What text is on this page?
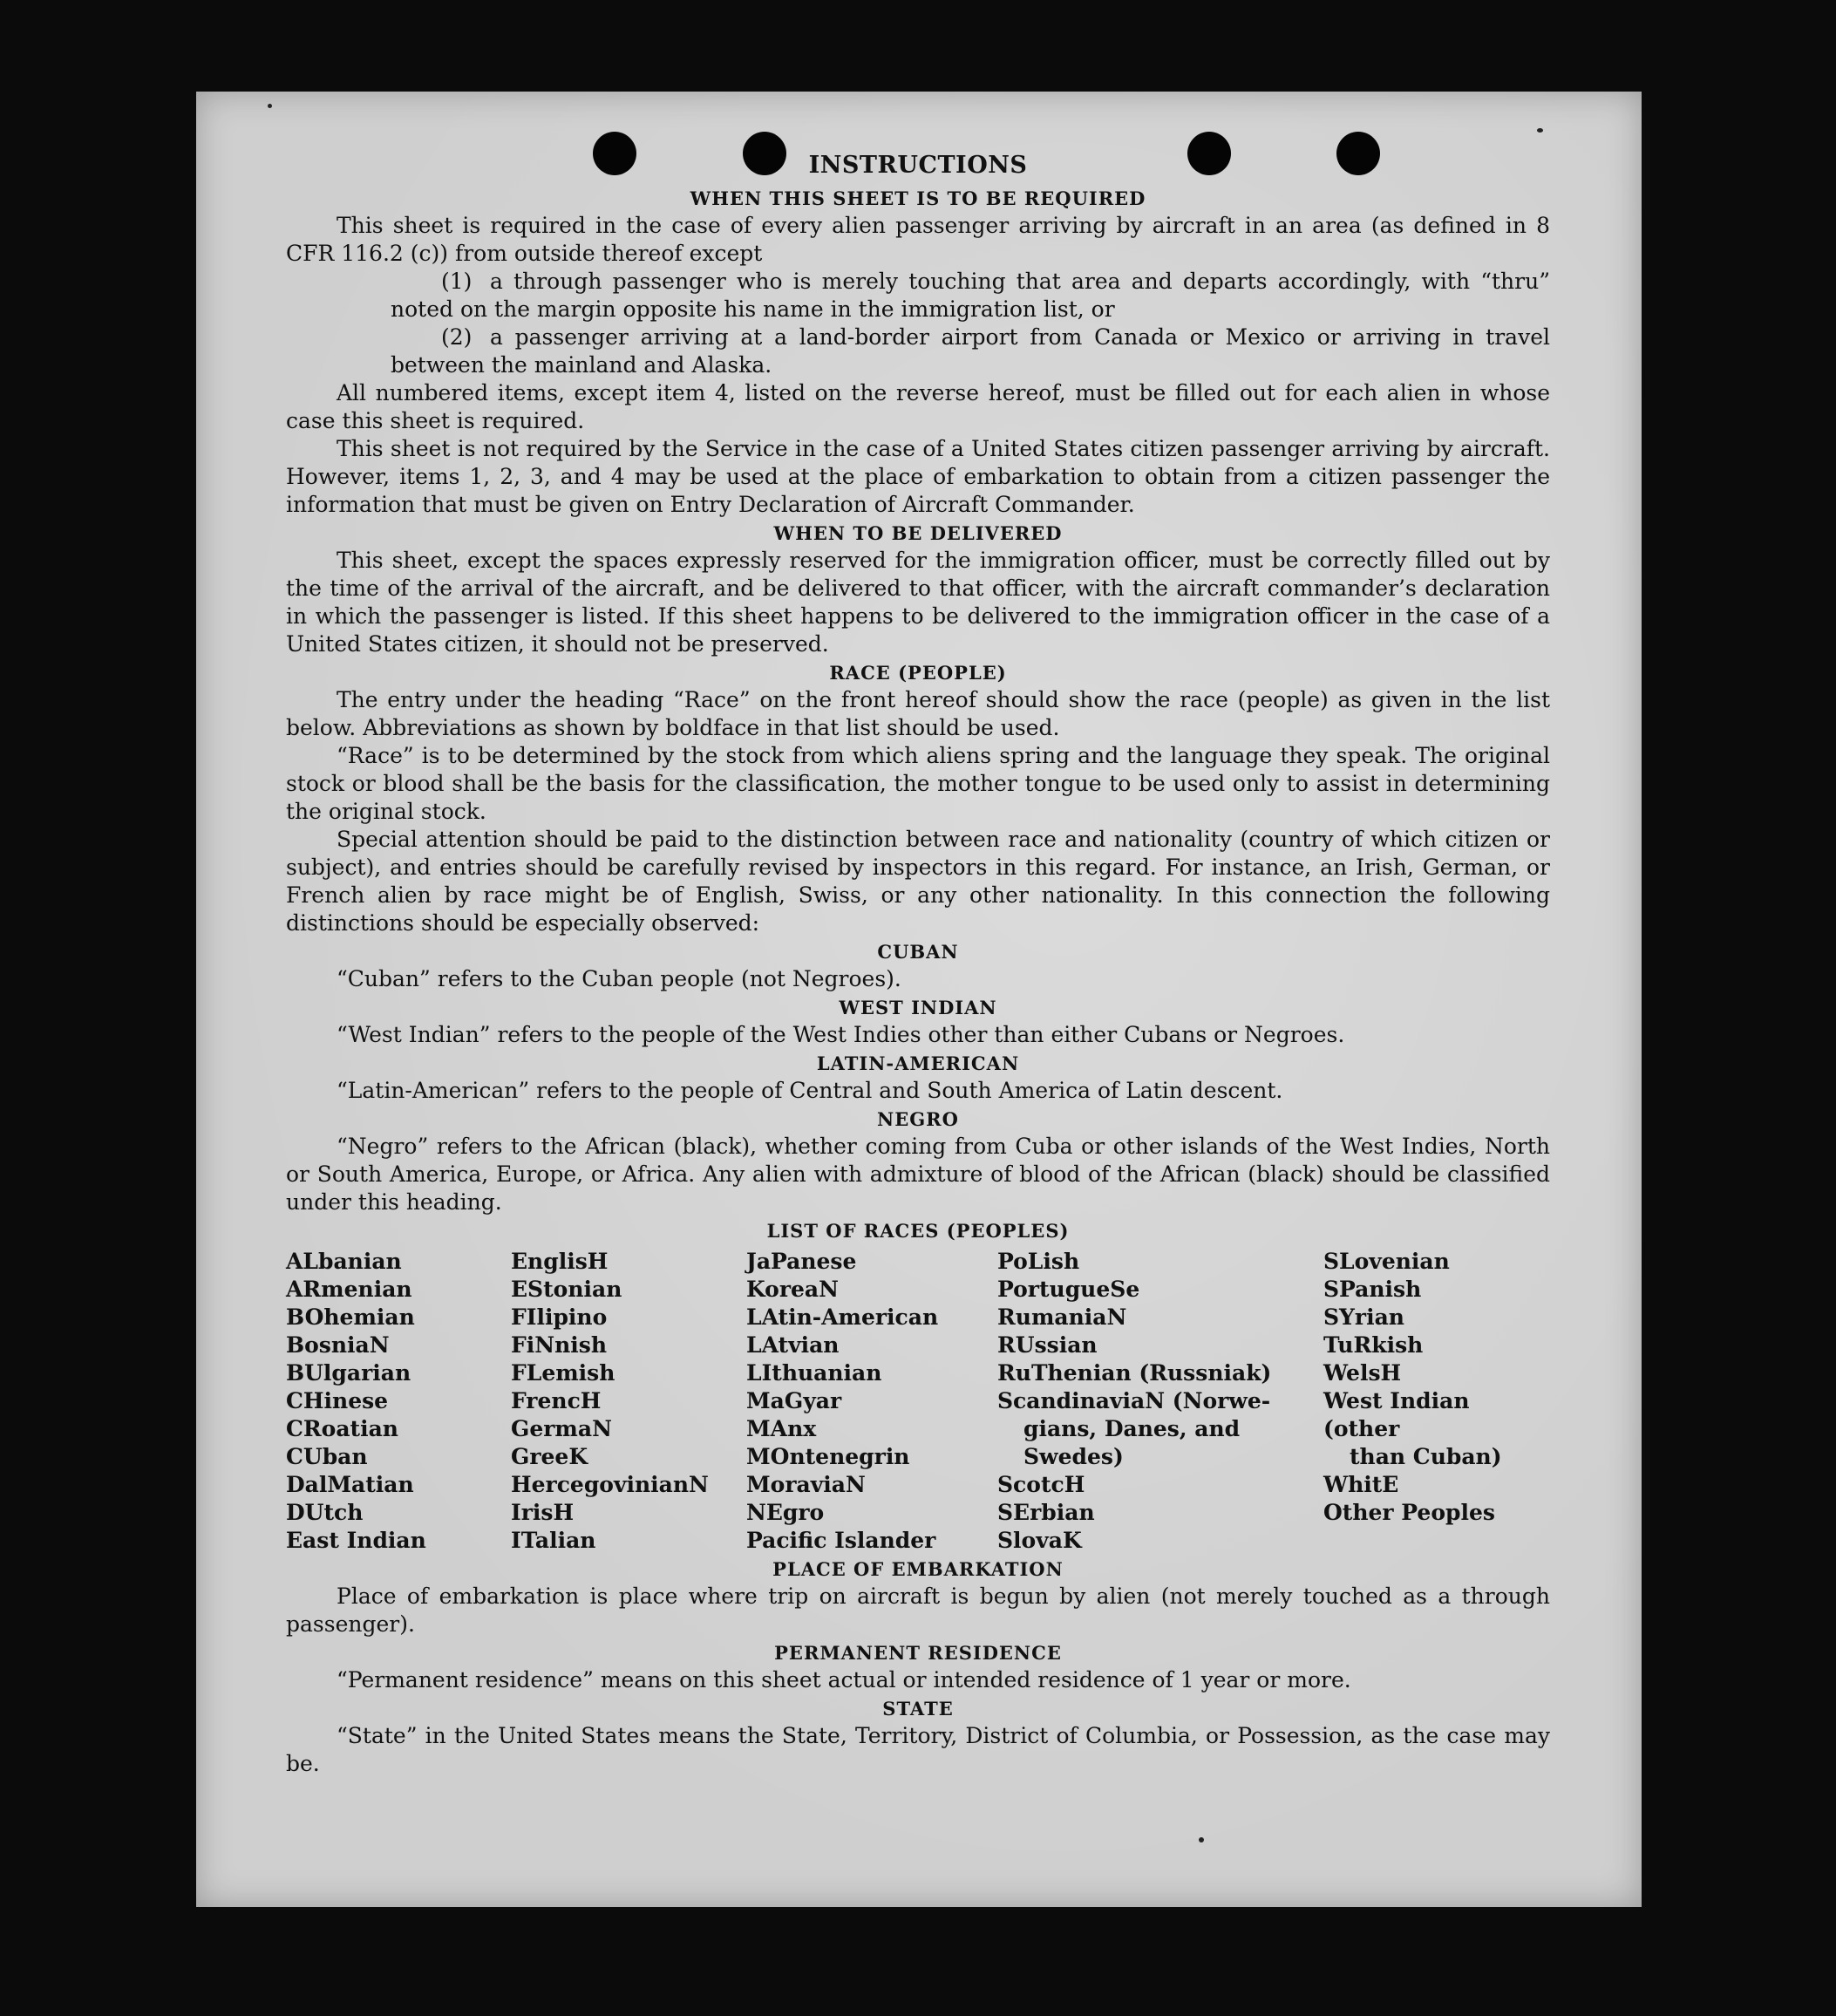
INSTRUCTIONS
WHEN THIS SHEET IS TO BE REQUIRED

This sheet is required in the case of every alien passenger arriving by aircraft in an area (as defined in 8 CFR 116.2 (c)) from outside thereof except

(1) a through passenger who is merely touching that area and departs accordingly, with “thru” noted on the margin opposite his name in the immigration list, or

(2) a passenger arriving at a land-border airport from Canada or Mexico or arriving in travel between the mainland and Alaska.

All numbered items, except item 4, listed on the reverse hereof, must be filled out for each alien in whose case this sheet is required.

This sheet is not required by the Service in the case of a United States citizen passenger arriving by aircraft. However, items 1, 2, 3, and 4 may be used at the place of embarkation to obtain from a citizen passenger the information that must be given on Entry Declaration of Aircraft Commander.

WHEN TO BE DELIVERED

This sheet, except the spaces expressly reserved for the immigration officer, must be correctly filled out by the time of the arrival of the aircraft, and be delivered to that officer, with the aircraft commander’s declaration in which the passenger is listed. If this sheet happens to be delivered to the immigration officer in the case of a United States citizen, it should not be preserved.

RACE (PEOPLE)

The entry under the heading “Race” on the front hereof should show the race (people) as given in the list below. Abbreviations as shown by boldface in that list should be used.

“Race” is to be determined by the stock from which aliens spring and the language they speak. The original stock or blood shall be the basis for the classification, the mother tongue to be used only to assist in determining the original stock.

Special attention should be paid to the distinction between race and nationality (country of which citizen or subject), and entries should be carefully revised by inspectors in this regard. For instance, an Irish, German, or French alien by race might be of English, Swiss, or any other nationality. In this connection the following distinctions should be especially observed:

CUBAN

“Cuban” refers to the Cuban people (not Negroes).

WEST INDIAN

“West Indian” refers to the people of the West Indies other than either Cubans or Negroes.

LATIN-AMERICAN

“Latin-American” refers to the people of Central and South America of Latin descent.

NEGRO

“Negro” refers to the African (black), whether coming from Cuba or other islands of the West Indies, North or South America, Europe, or Africa. Any alien with admixture of blood of the African (black) should be classified under this heading.

LIST OF RACES (PEOPLES)
ALbanian
ARmenian
BOhemian
BosniaN
BUlgarian
CHinese
CRoatian
CUban
DalMatian
DUtch
East Indian
EnglisH
EStonian
FIlipino
FiNnish
FLemish
FrencH
GermaN
GreeK
HercegovinianN
IrisH
ITalian
JaPanese
KoreaN
LAtin-American
LAtvian
LIthuanian
MaGyar
MAnx
MOntenegrin
MoraviaN
NEgro
Pacific Islander
PoLish
PortugueSe
RumaniaN
RUssian
RuThenian (Russniak)
ScandinaviaN (Norwe-
gians, Danes, and
Swedes)
ScotcH
SErbian
SlovaK
SLovenian
SPanish
SYrian
TuRkish
WelsH
West Indian (other
than Cuban)
WhitE
Other Peoples
PLACE OF EMBARKATION

Place of embarkation is place where trip on aircraft is begun by alien (not merely touched as a through passenger).

PERMANENT RESIDENCE

“Permanent residence” means on this sheet actual or intended residence of 1 year or more.

STATE

“State” in the United States means the State, Territory, District of Columbia, or Possession, as the case may be.
